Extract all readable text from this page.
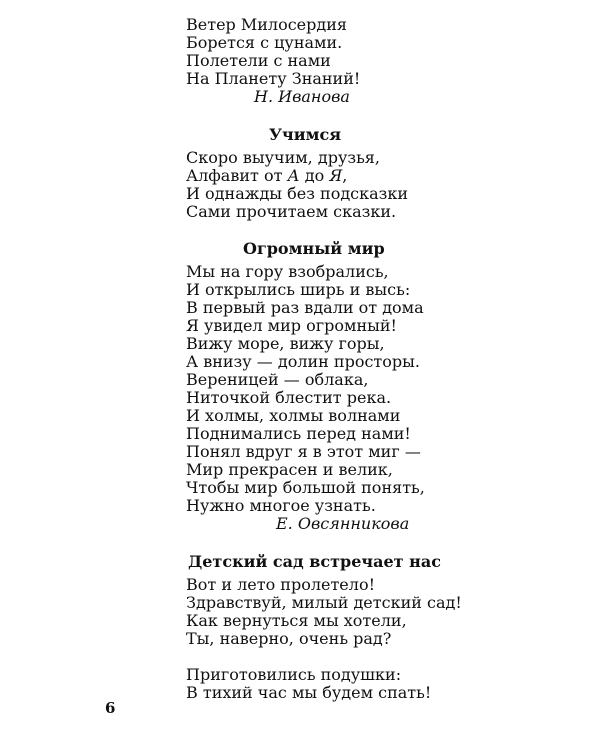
Ветер Милосердия
Борется с цунами.
Полетели с нами
На Планету Знаний!
Н. Иванова
Учимся
Скоро выучим, друзья,
Алфавит от А до Я,
И однажды без подсказки
Сами прочитаем сказки.
Огромный мир
Мы на гору взобрались,
И открылись ширь и высь:
В первый раз вдали от дома
Я увидел мир огромный!
Вижу море, вижу горы,
А внизу — долин просторы.
Вереницей — облака,
Ниточкой блестит река.
И холмы, холмы волнами
Поднимались перед нами!
Понял вдруг я в этот миг —
Мир прекрасен и велик,
Чтобы мир большой понять,
Нужно многое узнать.
Е. Овсянникова
Детский сад встречает нас
Вот и лето пролетело!
Здравствуй, милый детский сад!
Как вернуться мы хотели,
Ты, наверно, очень рад?
Приготовились подушки:
В тихий час мы будем спать!
6
